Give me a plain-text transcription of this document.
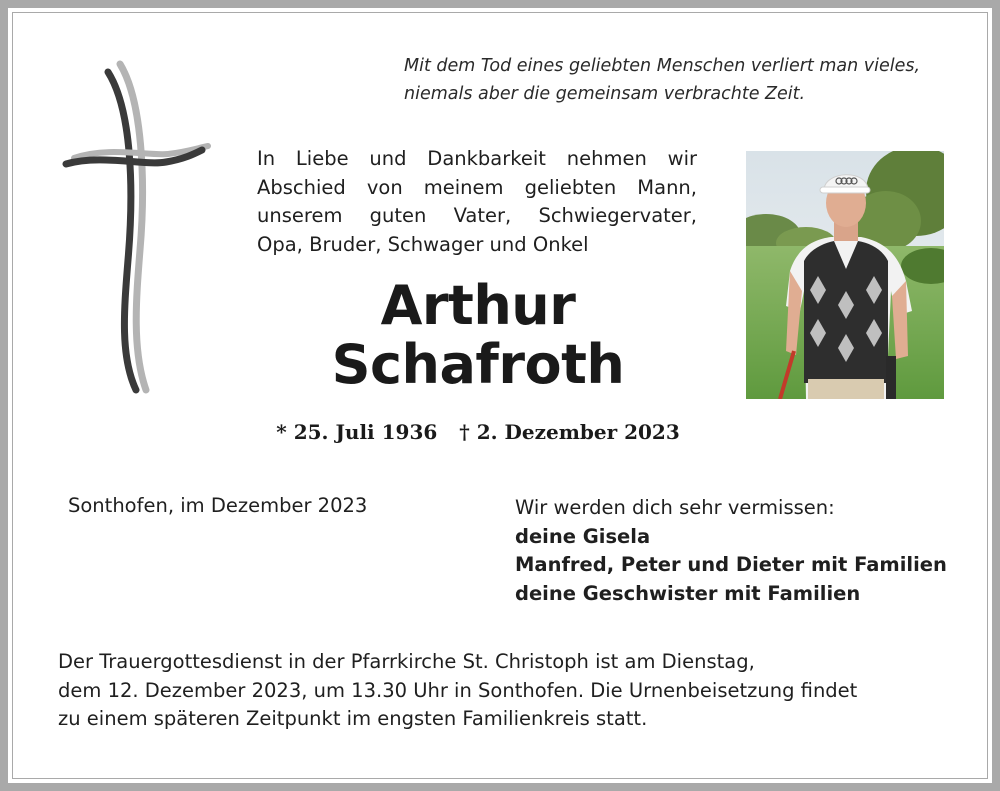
Mit dem Tod eines geliebten Menschen verliert man vieles,
niemals aber die gemeinsam verbrachte Zeit.

In Liebe und Dankbarkeit nehmen wir
Abschied von meinem geliebten Mann,
unserem guten Vater, Schwiegervater,
Opa, Bruder, Schwager und Onkel

Arthur
Schafroth
* 25. Juli 1936 † 2. Dezember 2023
Sonthofen, im Dezember 2023	Wir werden dich sehr vermissen:
deine Gisela
Manfred, Peter und Dieter mit Familien
deine Geschwister mit Familien
Der Trauergottesdienst in der Pfarrkirche St. Christoph ist am Dienstag,
dem 12. Dezember 2023, um 13.30 Uhr in Sonthofen. Die Urnenbeisetzung findet
zu einem späteren Zeitpunkt im engsten Familienkreis statt.
